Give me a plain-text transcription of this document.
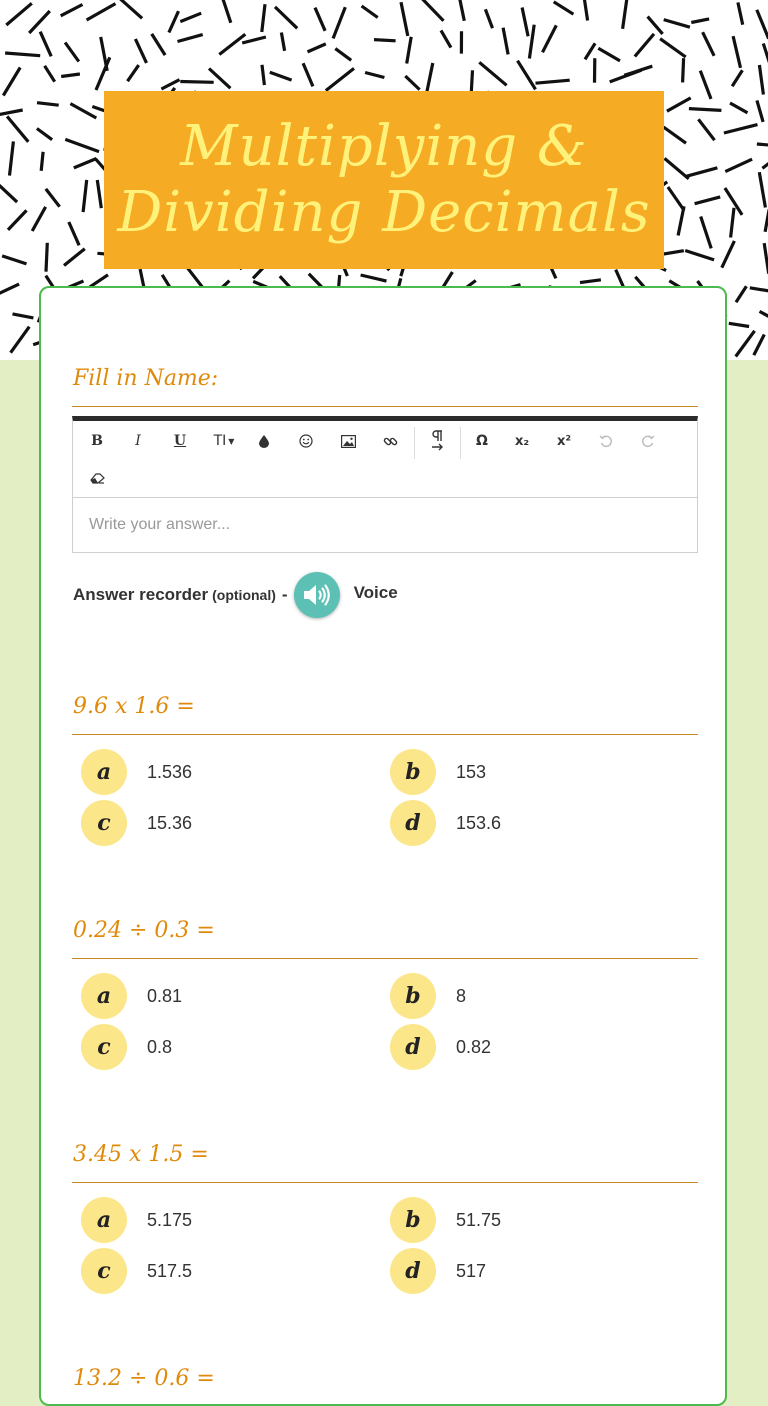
Multiplying &
Dividing Decimals
Fill in Name:
B	I	U	TI ▼	Ω	x₂	x²
Write your answer...
Answer recorder (optional) -	Voice
9.6 x 1.6 =
a	1.536	b	153
c	15.36	d	153.6
0.24 ÷ 0.3 =
a	0.81	b	8
c	0.8	d	0.82
3.45 x 1.5 =
a	5.175	b	51.75
c	517.5	d	517
13.2 ÷ 0.6 =
